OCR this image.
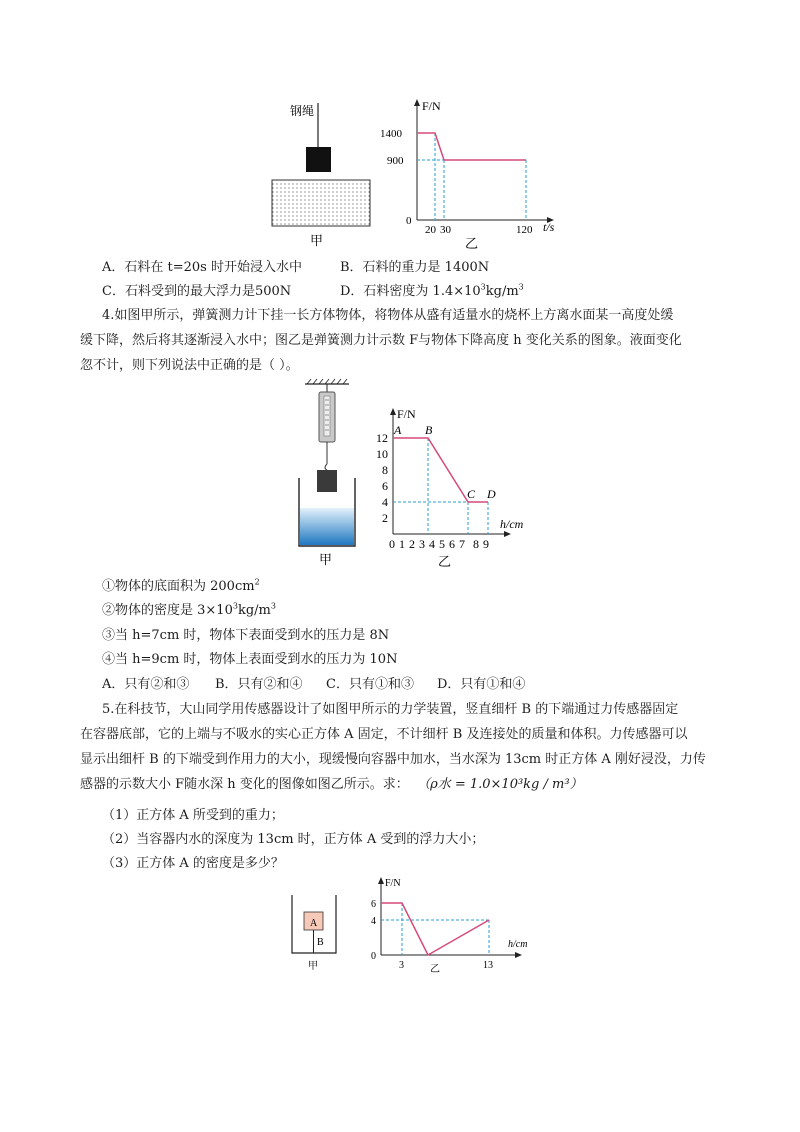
钢绳
甲
F/N
t/s
0
1400
900
20 30	120
乙
A．石料在 t=20s 时开始浸入水中	B．石料的重力是 1400N
C．石料受到的最大浮力是500N	D．石料密度为 $1.4\times 10^3kg/m^3$
4.如图甲所示，弹簧测力计下挂一长方体物体，将物体从盛有适量水的烧杯上方离水面某一高度处缓
缓下降，然后将其逐渐浸入水中；图乙是弹簧测力计示数 F与物体下降高度 h 变化关系的图象。液面变化
忽不计，则下列说法中正确的是（ ）。
甲
F/N
h/cm
12
10
8
6
4
2
A B
C D
0 1 2 3 4 5 6 7 8 9
乙
①物体的底面积为 $200cm^2$
②物体的密度是 $3\times 10^3kg/m^3$
③当 h=7cm 时，物体下表面受到水的压力是 8N
④当 h=9cm 时，物体上表面受到水的压力为 10N
A．只有②和③ B．只有②和④ C．只有①和③ D．只有①和④
5.在科技节，大山同学用传感器设计了如图甲所示的力学装置，竖直细杆 B 的下端通过力传感器固定
在容器底部，它的上端与不吸水的实心正方体 A 固定，不计细杆 B 及连接处的质量和体积。力传感器可以
显示出细杆 B 的下端受到作用力的大小，现缓慢向容器中加水，当水深为 13cm 时正方体 A 刚好浸没，力传
感器的示数大小 F随水深 h 变化的图像如图乙所示。求： （ρ水 = 1.0×10³kg / m³）
（1）正方体 A 所受到的重力；
（2）当容器内水的深度为 13cm 时，正方体 A 受到的浮力大小；
（3）正方体 A 的密度是多少？
A
B
甲
F/N
h/cm
0
6
4
3	13
乙
